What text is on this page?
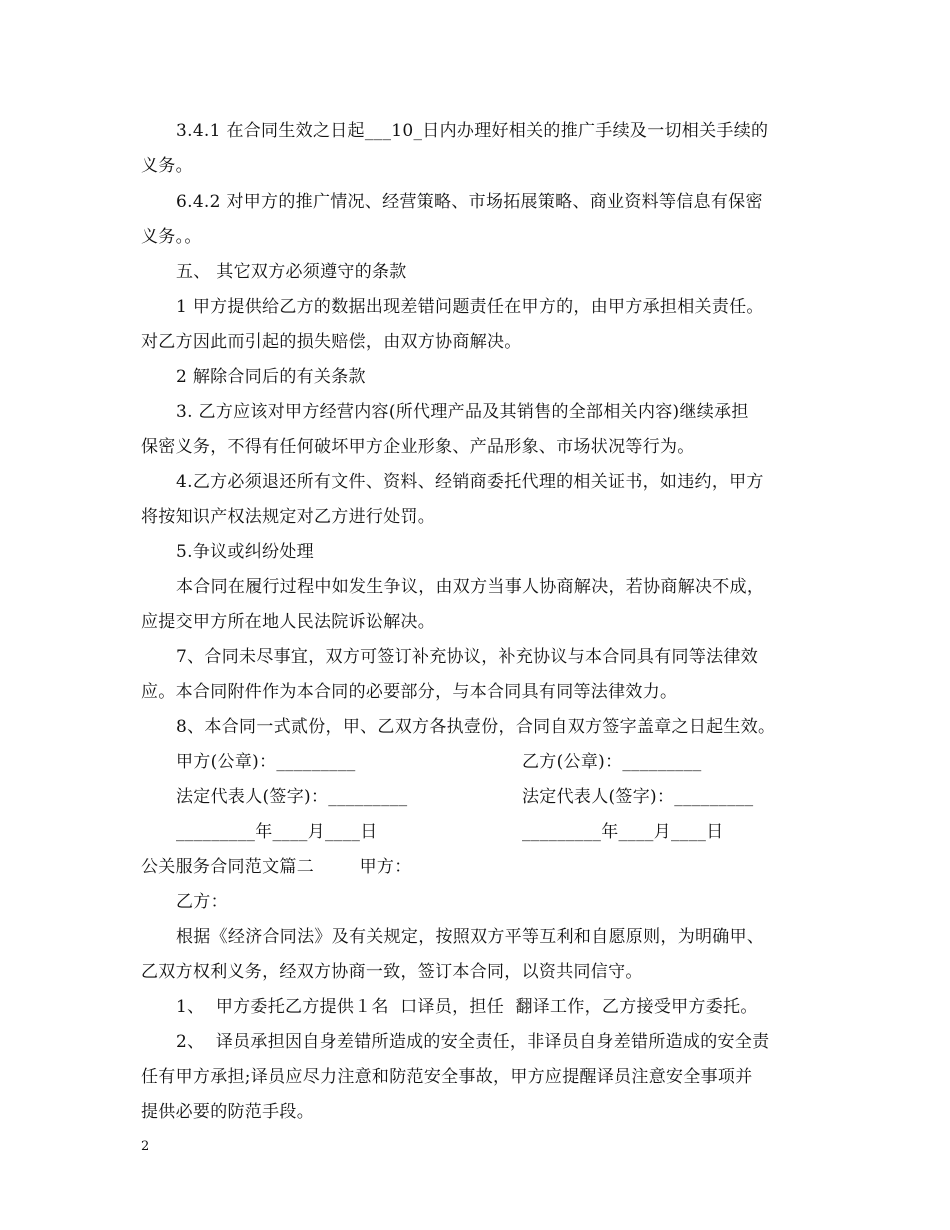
3.4.1 在合同生效之日起___10_日内办理好相关的推广手续及一切相关手续的
义务。
6.4.2 对甲方的推广情况、经营策略、市场拓展策略、商业资料等信息有保密
义务。。
五、 其它双方必须遵守的条款
1 甲方提供给乙方的数据出现差错问题责任在甲方的，由甲方承担相关责任。
对乙方因此而引起的损失赔偿，由双方协商解决。
2 解除合同后的有关条款
3. 乙方应该对甲方经营内容(所代理产品及其销售的全部相关内容)继续承担
保密义务，不得有任何破坏甲方企业形象、产品形象、市场状况等行为。
4.乙方必须退还所有文件、资料、经销商委托代理的相关证书，如违约，甲方
将按知识产权法规定对乙方进行处罚。
5.争议或纠纷处理
本合同在履行过程中如发生争议，由双方当事人协商解决，若协商解决不成，
应提交甲方所在地人民法院诉讼解决。
7、合同未尽事宜，双方可签订补充协议，补充协议与本合同具有同等法律效
应。本合同附件作为本合同的必要部分，与本合同具有同等法律效力。
8、本合同一式贰份，甲、乙双方各执壹份，合同自双方签字盖章之日起生效。
甲方(公章)：_________	乙方(公章)：_________
法定代表人(签字)：_________	法定代表人(签字)：_________
_________年____月____日	_________年____月____日
公关服务合同范文篇二        甲方：
乙方：
根据《经济合同法》及有关规定，按照双方平等互利和自愿原则，为明确甲、
乙双方权利义务，经双方协商一致，签订本合同，以资共同信守。
1、  甲方委托乙方提供１名  口译员，担任  翻译工作，乙方接受甲方委托。
2、  译员承担因自身差错所造成的安全责任，非译员自身差错所造成的安全责
任有甲方承担;译员应尽力注意和防范安全事故，甲方应提醒译员注意安全事项并
提供必要的防范手段。
2
